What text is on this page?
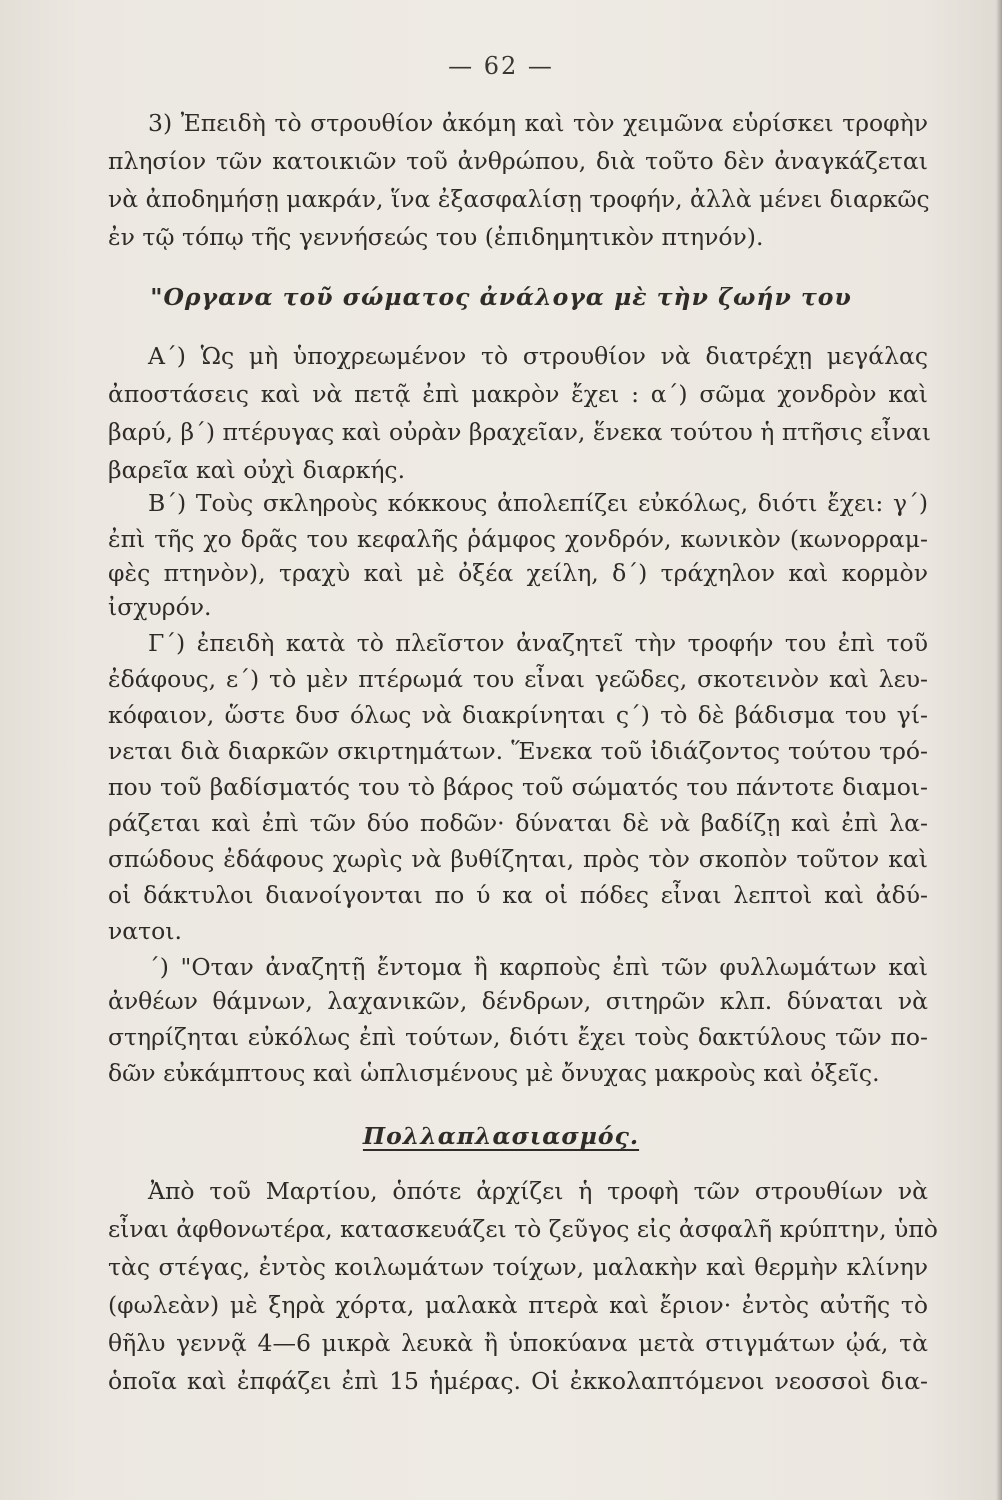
— 62 —
3) Ἐπειδὴ τὸ στρουθίον ἀκόμη καὶ τὸν χειμῶνα εὑρίσκει τροφὴν
πλησίον τῶν κατοικιῶν τοῦ ἀνθρώπου, διὰ τοῦτο δὲν ἀναγκάζεται
νὰ ἀποδημήσῃ μακράν, ἵνα ἐξασφαλίσῃ τροφήν, ἀλλὰ μένει διαρκῶς
ἐν τῷ τόπῳ τῆς γεννήσεώς του (ἐπιδημητικὸν πτηνόν).
"Οργανα τοῦ σώματος ἀνάλογα μὲ τὴν ζωήν του
Α΄) Ὡς μὴ ὑποχρεωμένον τὸ στρουθίον νὰ διατρέχῃ μεγάλας
ἀποστάσεις καὶ νὰ πετᾷ ἐπὶ μακρὸν ἔχει : α΄) σῶμα χονδρὸν καὶ
βαρύ, β΄) πτέρυγας καὶ οὐρὰν βραχεῖαν, ἕνεκα τούτου ἡ πτῆσις εἶναι
βαρεῖα καὶ οὐχὶ διαρκής.
Β΄) Τοὺς σκληροὺς κόκκους ἀπολεπίζει εὐκόλως, διότι ἔχει: γ΄)
ἐπὶ τῆς χο δρᾶς του κεφαλῆς ῥάμφος χονδρόν, κωνικὸν (κωνορραμ-
φὲς πτηνὸν), τραχὺ καὶ μὲ ὀξέα χείλη, δ΄) τράχηλον καὶ κορμὸν
ἰσχυρόν.
Γ΄) ἐπειδὴ κατὰ τὸ πλεῖστον ἀναζητεῖ τὴν τροφήν του ἐπὶ τοῦ
ἐδάφους, ε΄) τὸ μὲν πτέρωμά του εἶναι γεῶδες, σκοτεινὸν καὶ λευ-
κόφαιον, ὥστε δυσ όλως νὰ διακρίνηται ς΄) τὸ δὲ βάδισμα του γί-
νεται διὰ διαρκῶν σκιρτημάτων. Ἕνεκα τοῦ ἰδιάζοντος τούτου τρό-
που τοῦ βαδίσματός του τὸ βάρος τοῦ σώματός του πάντοτε διαμοι-
ράζεται καὶ ἐπὶ τῶν δύο ποδῶν· δύναται δὲ νὰ βαδίζῃ καὶ ἐπὶ λα-
σπώδους ἐδάφους χωρὶς νὰ βυθίζηται, πρὸς τὸν σκοπὸν τοῦτον καὶ
οἱ δάκτυλοι διανοίγονται πο ύ κα οἱ πόδες εἶναι λεπτοὶ καὶ ἀδύ-
νατοι.
΄) "Οταν ἀναζητῇ ἔντομα ἢ καρποὺς ἐπὶ τῶν φυλλωμάτων καὶ
ἀνθέων θάμνων, λαχανικῶν, δένδρων, σιτηρῶν κλπ. δύναται νὰ
στηρίζηται εὐκόλως ἐπὶ τούτων, διότι ἔχει τοὺς δακτύλους τῶν πο-
δῶν εὐκάμπτους καὶ ὡπλισμένους μὲ ὄνυχας μακροὺς καὶ ὀξεῖς.
Πολλαπλασιασμός.
Ἀπὸ τοῦ Μαρτίου, ὁπότε ἀρχίζει ἡ τροφὴ τῶν στρουθίων νὰ
εἶναι ἀφθονωτέρα, κατασκευάζει τὸ ζεῦγος εἰς ἀσφαλῆ κρύπτην, ὑπὸ
τὰς στέγας, ἐντὸς κοιλωμάτων τοίχων, μαλακὴν καὶ θερμὴν κλίνην
(φωλεὰν) μὲ ξηρὰ χόρτα, μαλακὰ πτερὰ καὶ ἔριον· ἐντὸς αὐτῆς τὸ
θῆλυ γεννᾷ 4—6 μικρὰ λευκὰ ἢ ὑποκύανα μετὰ στιγμάτων ᾠά, τὰ
ὁποῖα καὶ ἐπφάζει ἐπὶ 15 ἡμέρας. Οἱ ἐκκολαπτόμενοι νεοσσοὶ δια-
